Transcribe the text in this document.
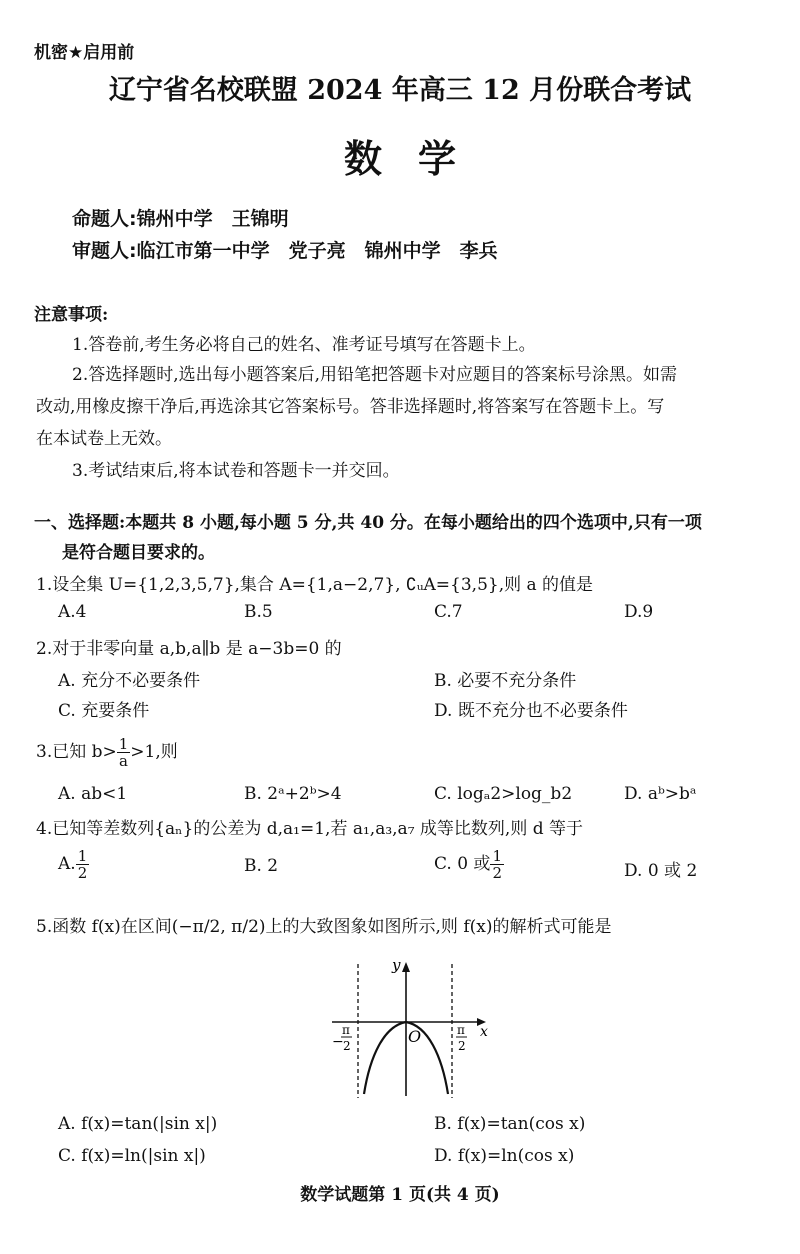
机密★启用前
辽宁省名校联盟 2024 年高三 12 月份联合考试
数学
命题人:锦州中学　王锦明
审题人:临江市第一中学　党子亮　锦州中学　李兵
注意事项:
1.答卷前,考生务必将自己的姓名、准考证号填写在答题卡上。
2.答选择题时,选出每小题答案后,用铅笔把答题卡对应题目的答案标号涂黑。如需
改动,用橡皮擦干净后,再选涂其它答案标号。答非选择题时,将答案写在答题卡上。写
在本试卷上无效。
3.考试结束后,将本试卷和答题卡一并交回。
一、选择题:本题共 8 小题,每小题 5 分,共 40 分。在每小题给出的四个选项中,只有一项
是符合题目要求的。
1.设全集 U={1,2,3,5,7},集合 A={1,a−2,7}, ∁ᵤA={3,5},则 a 的值是
A.4	B.5	C.7	D.9
2.对于非零向量 a,b,a∥b 是 a−3b=0 的
A. 充分不必要条件	B. 必要不充分条件
C. 充要条件	D. 既不充分也不必要条件
3.已知 $b> \frac{1}{a} >1$,则
A. ab<1	B. 2ᵃ+2ᵇ>4	C. logₐ2>log_b2	D. aᵇ>bᵃ
4.已知等差数列{aₙ}的公差为 d,a₁=1,若 a₁,a₃,a₇ 成等比数列,则 d 等于
A. $\frac{1}{2}$	B. 2	C. 0 或 $\frac{1}{2}$	D. 0 或 2
5.函数 f(x)在区间(−π/2, π/2)上的大致图象如图所示,则 f(x)的解析式可能是
y
x
O
−
π
2
π
2
A. f(x)=tan(|sin x|)	B. f(x)=tan(cos x)
C. f(x)=ln(|sin x|)	D. f(x)=ln(cos x)
数学试题第 1 页(共 4 页)
